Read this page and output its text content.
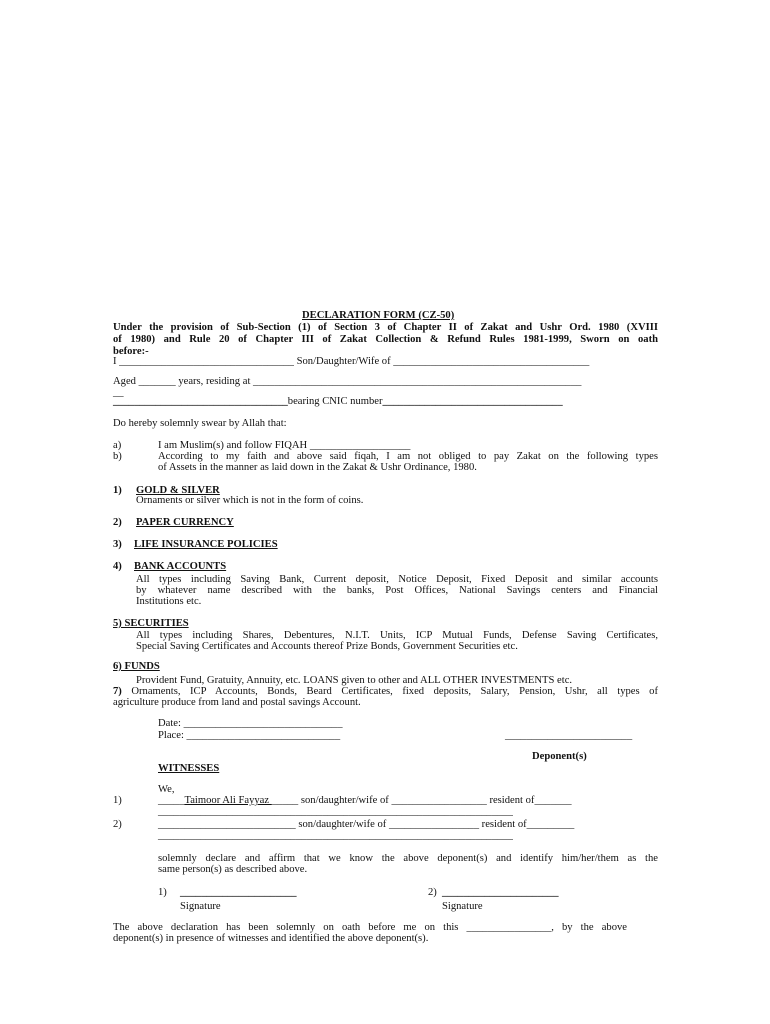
DECLARATION FORM (CZ-50)
Under the provision of Sub-Section (1) of Section 3 of Chapter II of Zakat and Ushr Ord. 1980 (XVIII
of 1980) and Rule 20 of Chapter III of Zakat Collection & Refund Rules 1981-1999, Sworn on oath
before:-
I _________________________________ Son/Daughter/Wife of _____________________________________
Aged _______ years, residing at ______________________________________________________________
__
_________________________________bearing CNIC number__________________________________
Do hereby solemnly swear by Allah that:
a)	I am Muslim(s) and follow FIQAH ___________________
b)	According to my faith and above said fiqah, I am not obliged to pay Zakat on the following types
of Assets in the manner as laid down in the Zakat & Ushr Ordinance, 1980.
1) GOLD & SILVER
Ornaments or silver which is not in the form of coins.
2) PAPER CURRENCY
3) LIFE INSURANCE POLICIES
4) BANK ACCOUNTS
All types including Saving Bank, Current deposit, Notice Deposit, Fixed Deposit and similar accounts
by whatever name described with the banks, Post Offices, National Savings centers and Financial
Institutions etc.
5) SECURITIES
All types including Shares, Debentures, N.I.T. Units, ICP Mutual Funds, Defense Saving Certificates,
Special Saving Certificates and Accounts thereof Prize Bonds, Government Securities etc.
6) FUNDS
Provident Fund, Gratuity, Annuity, etc. LOANS given to other and ALL OTHER INVESTMENTS etc.
7) Ornaments, ICP Accounts, Bonds, Beard Certificates, fixed deposits, Salary, Pension, Ushr, all types of
agriculture produce from land and postal savings Account.
Date: ______________________________
Place: _____________________________	________________________
Deponent(s)
WITNESSES
We,
1)	_____Taimoor Ali Fayyaz _____ son/daughter/wife of __________________ resident of_______
___________________________________________________________________
2)	__________________________ son/daughter/wife of _________________ resident of_________
___________________________________________________________________
solemnly declare and affirm that we know the above deponent(s) and identify him/her/them as the
same person(s) as described above.
1) ______________________
Signature
2) ______________________
Signature
The above declaration has been solemnly on oath before me on this ________________, by the above
deponent(s) in presence of witnesses and identified the above deponent(s).
